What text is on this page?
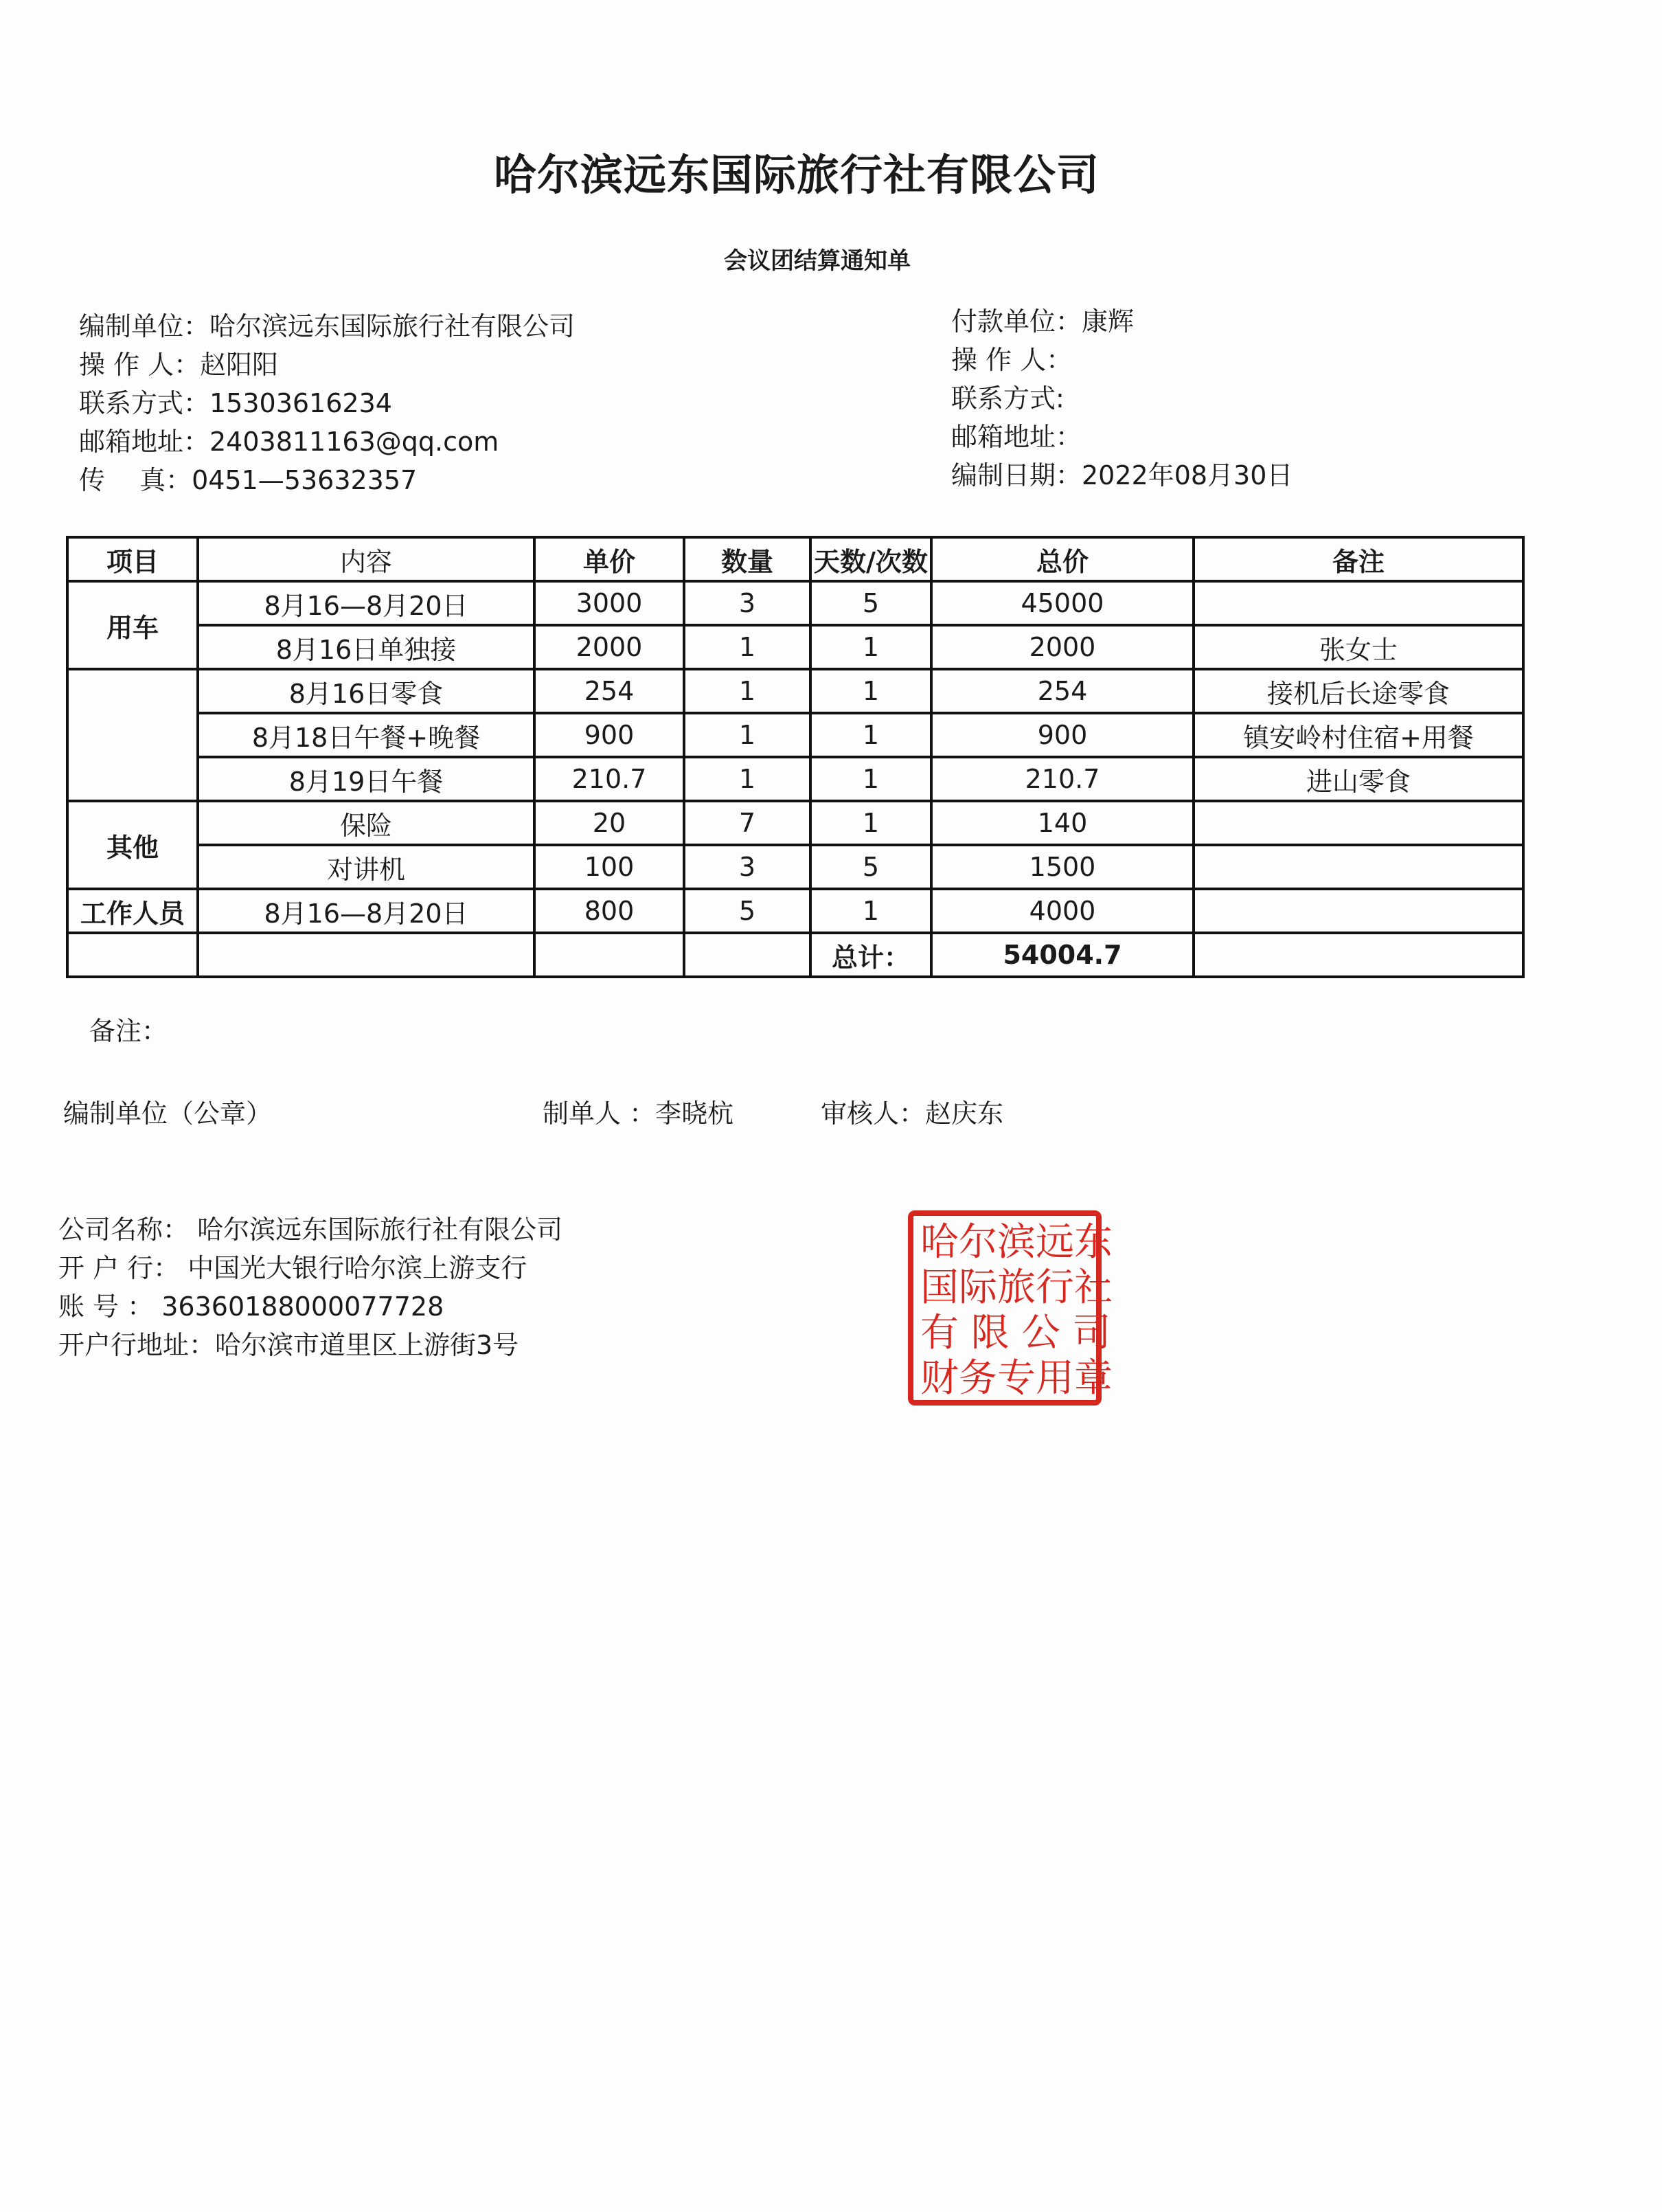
哈尔滨远东国际旅行社有限公司
会议团结算通知单
编制单位：哈尔滨远东国际旅行社有限公司
操 作 人：赵阳阳
联系方式：15303616234
邮箱地址：2403811163@qq.com
传　 真：0451—53632357
付款单位：康辉
操 作 人：
联系方式:
邮箱地址：
编制日期：2022年08月30日
项目	内容	单价	数量	天数/次数	总价	备注
用车	8月16—8月20日	3000	3	5	45000	
	8月16日单独接	2000	1	1	2000	张女士
	8月16日零食	254	1	1	254	接机后长途零食
	8月18日午餐+晚餐	900	1	1	900	镇安岭村住宿+用餐
	8月19日午餐	210.7	1	1	210.7	进山零食
其他	保险	20	7	1	140	
	对讲机	100	3	5	1500	
工作人员	8月16—8月20日	800	5	1	4000	
				总计：	54004.7	
备注：
编制单位（公章）	制单人 ：李晓杭	审核人：赵庆东
公司名称： 哈尔滨远东国际旅行社有限公司
开 户 行： 中国光大银行哈尔滨上游支行
账 号 ： 36360188000077728
开户行地址：哈尔滨市道里区上游街3号
哈尔滨远东
国际旅行社
有 限 公 司
财务专用章
